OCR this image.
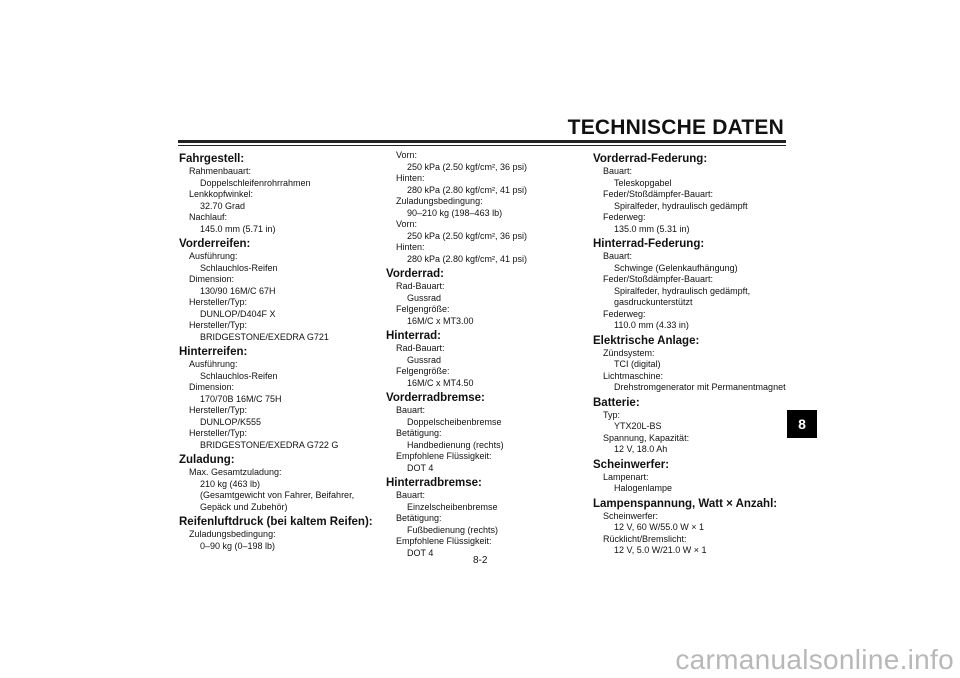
TECHNISCHE DATEN
Fahrgestell:
Rahmenbauart:
Doppelschleifenrohrrahmen
Lenkkopfwinkel:
32.70 Grad
Nachlauf:
145.0 mm (5.71 in)
Vorderreifen:
Ausführung:
Schlauchlos-Reifen
Dimension:
130/90 16M/C 67H
Hersteller/Typ:
DUNLOP/D404F X
Hersteller/Typ:
BRIDGESTONE/EXEDRA G721
Hinterreifen:
Ausführung:
Schlauchlos-Reifen
Dimension:
170/70B 16M/C 75H
Hersteller/Typ:
DUNLOP/K555
Hersteller/Typ:
BRIDGESTONE/EXEDRA G722 G
Zuladung:
Max. Gesamtzuladung:
210 kg (463 lb)
(Gesamtgewicht von Fahrer, Beifahrer,
Gepäck und Zubehör)
Reifenluftdruck (bei kaltem Reifen):
Zuladungsbedingung:
0–90 kg (0–198 lb)
Vorn:
250 kPa (2.50 kgf/cm², 36 psi)
Hinten:
280 kPa (2.80 kgf/cm², 41 psi)
Zuladungsbedingung:
90–210 kg (198–463 lb)
Vorn:
250 kPa (2.50 kgf/cm², 36 psi)
Hinten:
280 kPa (2.80 kgf/cm², 41 psi)
Vorderrad:
Rad-Bauart:
Gussrad
Felgengröße:
16M/C x MT3.00
Hinterrad:
Rad-Bauart:
Gussrad
Felgengröße:
16M/C x MT4.50
Vorderradbremse:
Bauart:
Doppelscheibenbremse
Betätigung:
Handbedienung (rechts)
Empfohlene Flüssigkeit:
DOT 4
Hinterradbremse:
Bauart:
Einzelscheibenbremse
Betätigung:
Fußbedienung (rechts)
Empfohlene Flüssigkeit:
DOT 4
Vorderrad-Federung:
Bauart:
Teleskopgabel
Feder/Stoßdämpfer-Bauart:
Spiralfeder, hydraulisch gedämpft
Federweg:
135.0 mm (5.31 in)
Hinterrad-Federung:
Bauart:
Schwinge (Gelenkaufhängung)
Feder/Stoßdämpfer-Bauart:
Spiralfeder, hydraulisch gedämpft,
gasdruckunterstützt
Federweg:
110.0 mm (4.33 in)
Elektrische Anlage:
Zündsystem:
TCI (digital)
Lichtmaschine:
Drehstromgenerator mit Permanentmagnet
Batterie:
Typ:
YTX20L-BS
Spannung, Kapazität:
12 V, 18.0 Ah
Scheinwerfer:
Lampenart:
Halogenlampe
Lampenspannung, Watt × Anzahl:
Scheinwerfer:
12 V, 60 W/55.0 W × 1
Rücklicht/Bremslicht:
12 V, 5.0 W/21.0 W × 1
8
8-2
carmanualsonline.info
